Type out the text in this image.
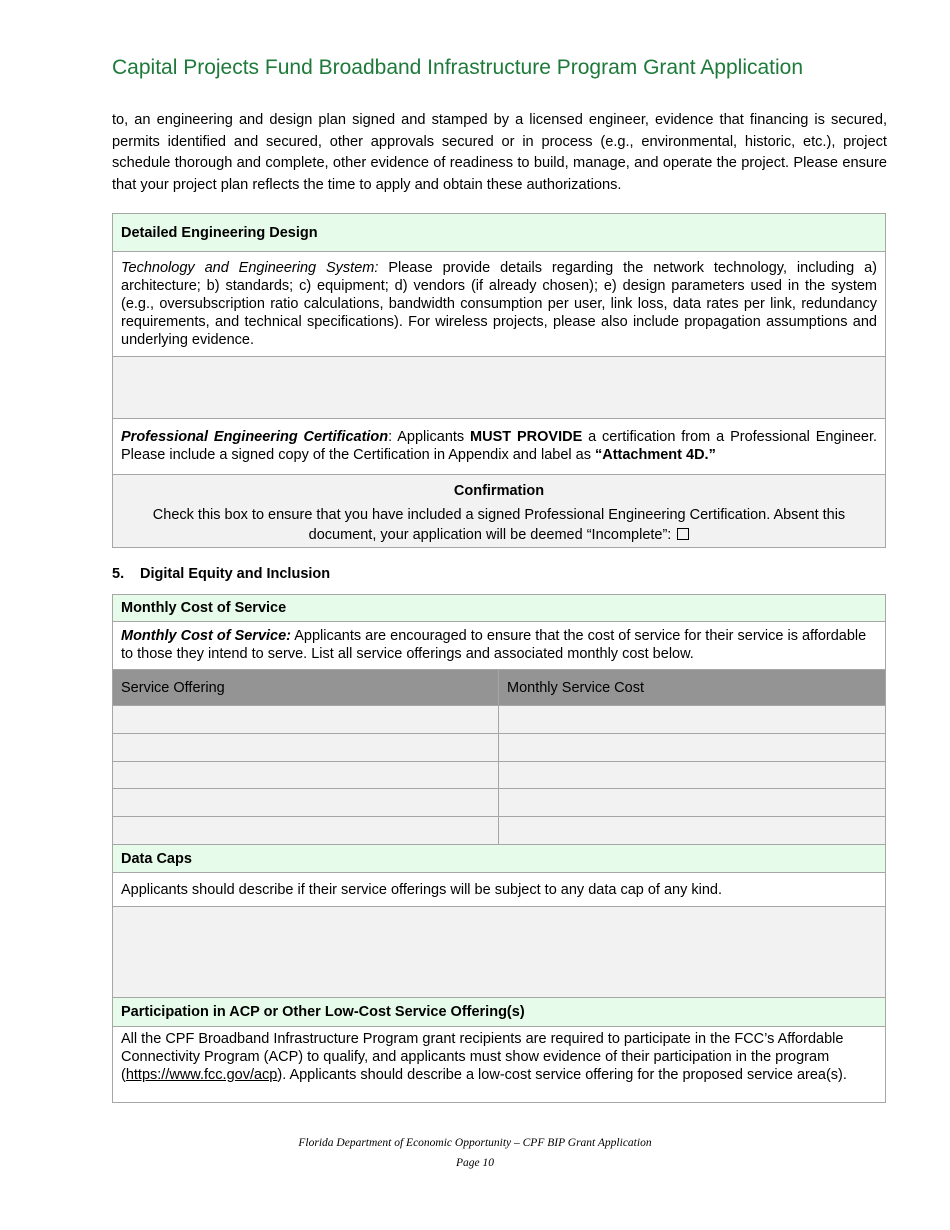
Capital Projects Fund Broadband Infrastructure Program Grant Application

to, an engineering and design plan signed and stamped by a licensed engineer, evidence that financing is secured, permits identified and secured, other approvals secured or in process (e.g., environmental, historic, etc.), project schedule thorough and complete, other evidence of readiness to build, manage, and operate the project. Please ensure that your project plan reflects the time to apply and obtain these authorizations.

Detailed Engineering Design
Technology and Engineering System: Please provide details regarding the network technology, including a) architecture; b) standards; c) equipment; d) vendors (if already chosen); e) design parameters used in the system (e.g., oversubscription ratio calculations, bandwidth consumption per user, link loss, data rates per link, redundancy requirements, and technical specifications). For wireless projects, please also include propagation assumptions and underlying evidence.
Professional Engineering Certification: Applicants MUST PROVIDE a certification from a Professional Engineer. Please include a signed copy of the Certification in Appendix and label as “Attachment 4D.”
Confirmation
Check this box to ensure that you have included a signed Professional Engineering Certification. Absent this document, your application will be deemed “Incomplete”:
5. Digital Equity and Inclusion
Monthly Cost of Service
Monthly Cost of Service: Applicants are encouraged to ensure that the cost of service for their service is affordable to those they intend to serve. List all service offerings and associated monthly cost below.
Service Offering	Monthly Service Cost
Data Caps
Applicants should describe if their service offerings will be subject to any data cap of any kind.
Participation in ACP or Other Low-Cost Service Offering(s)
All the CPF Broadband Infrastructure Program grant recipients are required to participate in the FCC’s Affordable Connectivity Program (ACP) to qualify, and applicants must show evidence of their participation in the program (https://www.fcc.gov/acp). Applicants should describe a low-cost service offering for the proposed service area(s).
Florida Department of Economic Opportunity – CPF BIP Grant Application
Page 10
